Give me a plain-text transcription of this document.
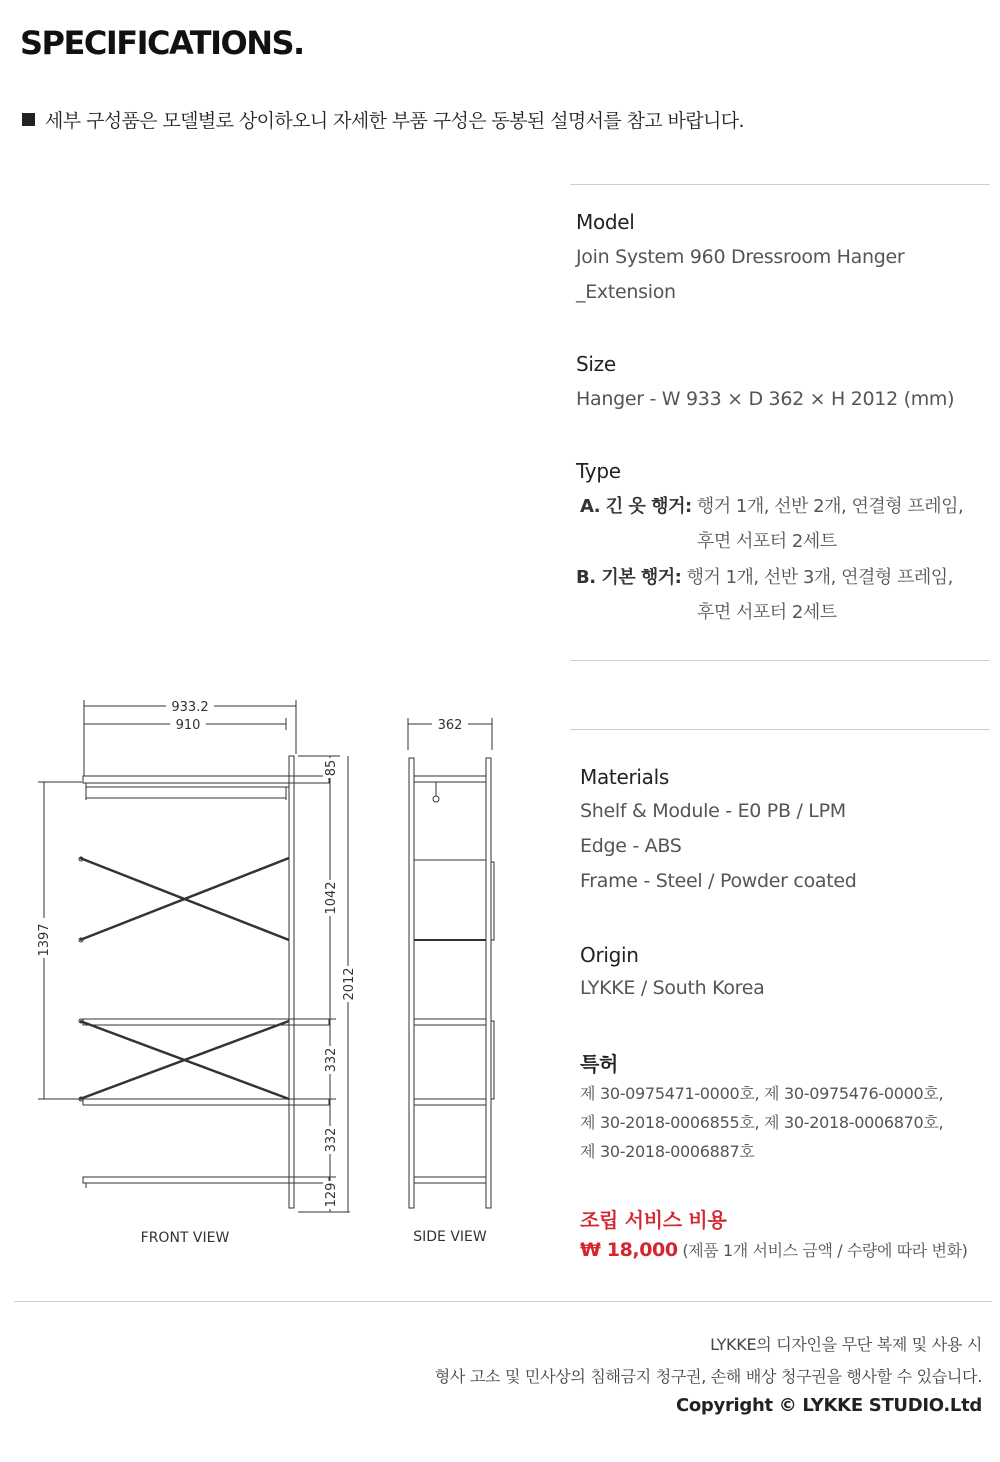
SPECIFICATIONS.
세부 구성품은 모델별로 상이하오니 자세한 부품 구성은 동봉된 설명서를 참고 바랍니다.
Model
Join System 960 Dressroom Hanger
_Extension
Size
Hanger - W 933 × D 362 × H 2012 (mm)
Type
A. 긴 옷 행거: 행거 1개, 선반 2개, 연결형 프레임,
후면 서포터 2세트
B. 기본 행거: 행거 1개, 선반 3개, 연결형 프레임,
후면 서포터 2세트
Materials
Shelf & Module - E0 PB / LPM
Edge - ABS
Frame - Steel / Powder coated
Origin
LYKKE / South Korea
특허
제 30-0975471-0000호, 제 30-0975476-0000호,
제 30-2018-0006855호, 제 30-2018-0006870호,
제 30-2018-0006887호
조립 서비스 비용
₩ 18,000 (제품 1개 서비스 금액 / 수량에 따라 변화)
933.2
910
1397
85
1042
2012
332
332
129
362
FRONT VIEW	SIDE VIEW
LYKKE의 디자인을 무단 복제 및 사용 시
형사 고소 및 민사상의 침해금지 청구권, 손해 배상 청구권을 행사할 수 있습니다.
Copyright © LYKKE STUDIO.Ltd
